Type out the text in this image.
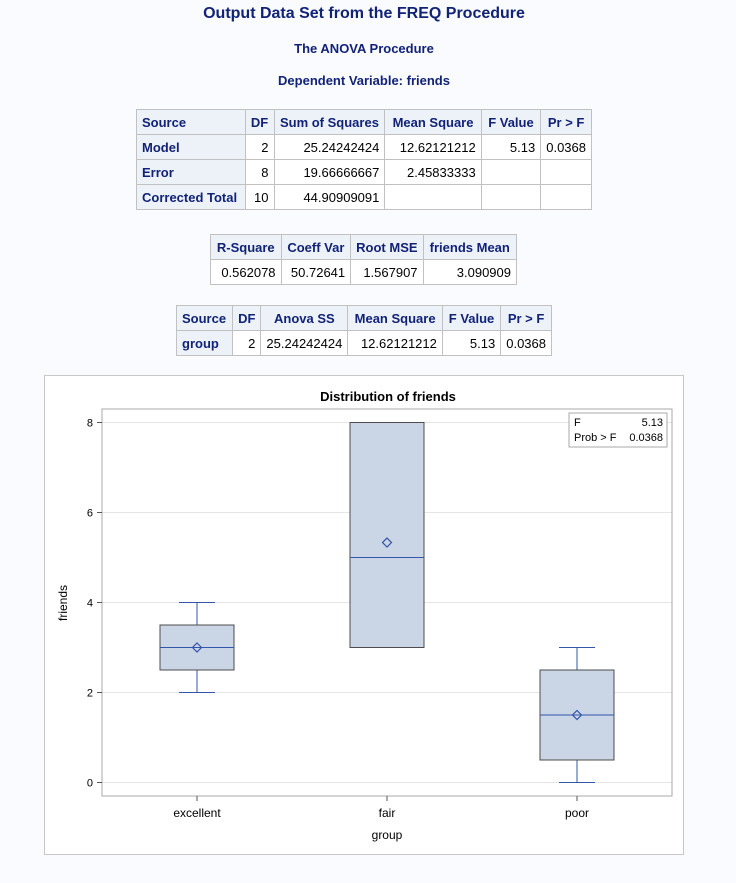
Output Data Set from the FREQ Procedure
The ANOVA Procedure
Dependent Variable: friends
Source	DF	Sum of Squares	Mean Square	F Value	Pr > F
Model	2	25.24242424	12.62121212	5.13	0.0368
Error	8	19.66666667	2.45833333		
Corrected Total	10	44.90909091			
R-Square	Coeff Var	Root MSE	friends Mean
0.562078	50.72641	1.567907	3.090909
Source	DF	Anova SS	Mean Square	F Value	Pr > F
group	2	25.24242424	12.62121212	5.13	0.0368
Distribution of friends
0
2
4
6
8
excellent	fair	poor
friends
group
F	5.13
Prob > F 0.0368
